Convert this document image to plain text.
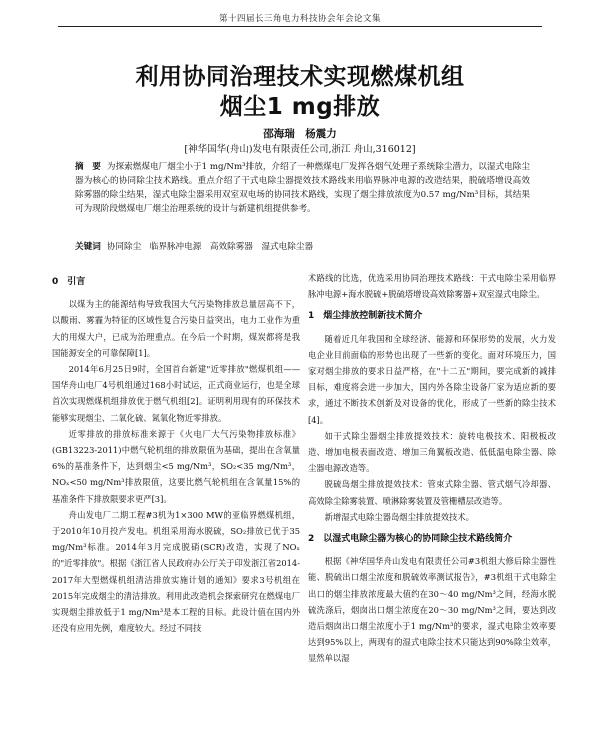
第十四届长三角电力科技协会年会论文集
利用协同治理技术实现燃煤机组
烟尘1 mg排放
邵海瑞　杨震力
[神华国华(舟山)发电有限责任公司,浙江 舟山,316012]
摘　要 为探索燃煤电厂烟尘小于1 mg/Nm³排放，介绍了一种燃煤电厂发挥各烟气处理子系统除尘潜力，以湿式电除尘器为核心的协同除尘技术路线。重点介绍了干式电除尘器提效技术路线来用临界脉冲电源的改造结果，脱硫塔增设高效除雾器的除尘结果，湿式电除尘器采用双室双电场的协同技术路线，实现了烟尘排放浓度为0.57 mg/Nm³目标，其结果可为现阶段燃煤电厂烟尘治理系统的设计与新建机组提供参考。
关键词 协同除尘　临界脉冲电源　高效除雾器　湿式电除尘器
0　引言

以煤为主的能源结构导致我国大气污染物排放总量居高不下，以酸雨、雾霾为特征的区域性复合污染日益突出，电力工业作为重大的用煤大户，已成为治理重点。在今后一个时期，煤炭都将是我国能源安全的可靠保障[1]。

2014年6月25日9时，全国首台新建"近零排放"燃煤机组——国华舟山电厂4号机组通过168小时试运，正式商业运行，也是全球首次实现燃煤机组排放优于燃气机组[2]。证明利用现有的环保技术能够实现烟尘、二氧化硫、氮氧化物近零排放。

近零排放的排放标准来源于《火电厂大气污染物排放标准》(GB13223-2011)中燃气轮机组的排放限值为基础，提出在含氧量6%的基准条件下，达到烟尘<5 mg/Nm³，SO₂<35 mg/Nm³，NOₓ<50 mg/Nm³排放限值，这要比燃气轮机组在含氧量15%的基准条件下排放限要求更严[3]。

舟山发电厂二期工程#3机为1×300 MW的亚临界燃煤机组，于2010年10月投产发电。机组采用海水脱硫，SO₂排放已优于35 mg/Nm³标准。2014年3月完成脱硝(SCR)改造，实现了NOₓ的"近零排放"。根据《浙江省人民政府办公厅关于印发浙江省2014-2017年大型燃煤机组清洁排放实施计划的通知》要求3号机组在2015年完成烟尘的清洁排放。利用此改造机会探索研究在燃煤电厂实现烟尘排放低于1 mg/Nm³是本工程的目标。此设计值在国内外还没有应用先例，难度较大。经过不同技

术路线的比选，优选采用协同治理技术路线：干式电除尘采用临界脉冲电源+海水脱硫+脱硫塔增设高效除雾器+双室湿式电除尘。

1　烟尘排放控制新技术简介

随着近几年我国和全球经济、能源和环保形势的发展，火力发电企业目前面临的形势也出现了一些新的变化。面对环境压力，国家对烟尘排放的要求日益严格，在"十二五"期间，要完成新的减排目标，难度将会进一步加大，国内外各除尘设备厂家为适应新的要求，通过不断技术创新及对设备的优化，形成了一些新的除尘技术[4]。

如干式除尘器烟尘排放提效技术：旋转电极技术、阳极板改造、增加电极表面改造、增加三角翼板改造、低低温电除尘器、除尘器电源改造等。

脱硫岛烟尘排放提效技术：管束式除尘器、管式烟气冷却器、高效除尘除雾装置、喷淋除雾装置及管栅槽层改造等。

新增湿式电除尘器岛烟尘排放提效技术。

2　以湿式电除尘器为核心的协同除尘技术路线简介

根据《神华国华舟山发电有限责任公司#3机组大修后除尘器性能、脱硫出口烟尘浓度和脱硫效率测试报告》，#3机组干式电除尘出口的烟尘排放浓度最大值约在30～40 mg/Nm³之间，经海水脱硫洗涤后，烟囱出口烟尘浓度在20～30 mg/Nm³之间，要达到改造后烟囱出口烟尘浓度小于1 mg/Nm³的要求，湿式电除尘效率要达到95%以上，两现有的湿式电除尘技术只能达到90%除尘效率，显然单以湿
